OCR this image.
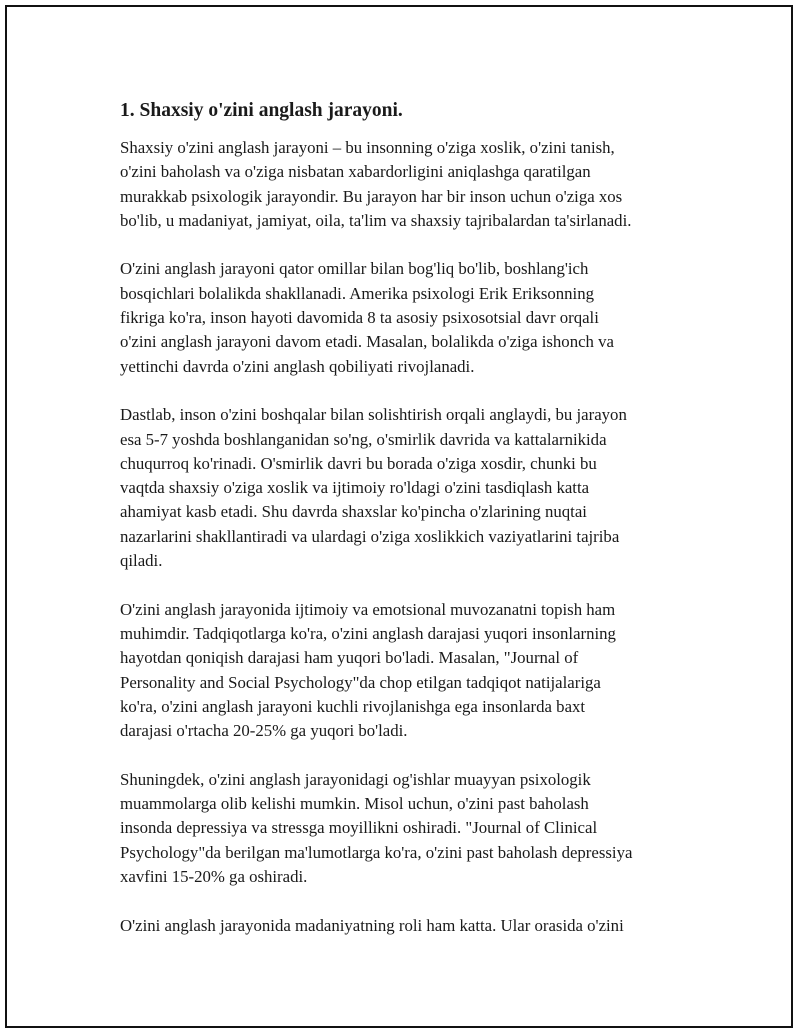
1. Shaxsiy o'zini anglash jarayoni.
Shaxsiy o'zini anglash jarayoni – bu insonning o'ziga xoslik, o'zini tanish,
o'zini baholash va o'ziga nisbatan xabardorligini aniqlashga qaratilgan
murakkab psixologik jarayondir. Bu jarayon har bir inson uchun o'ziga xos
bo'lib, u madaniyat, jamiyat, oila, ta'lim va shaxsiy tajribalardan ta'sirlanadi.
O'zini anglash jarayoni qator omillar bilan bog'liq bo'lib, boshlang'ich
bosqichlari bolalikda shakllanadi. Amerika psixologi Erik Eriksonning
fikriga ko'ra, inson hayoti davomida 8 ta asosiy psixosotsial davr orqali
o'zini anglash jarayoni davom etadi. Masalan, bolalikda o'ziga ishonch va
yettinchi davrda o'zini anglash qobiliyati rivojlanadi.
Dastlab, inson o'zini boshqalar bilan solishtirish orqali anglaydi, bu jarayon
esa 5-7 yoshda boshlanganidan so'ng, o'smirlik davrida va kattalarnikida
chuqurroq ko'rinadi. O'smirlik davri bu borada o'ziga xosdir, chunki bu
vaqtda shaxsiy o'ziga xoslik va ijtimoiy ro'ldagi o'zini tasdiqlash katta
ahamiyat kasb etadi. Shu davrda shaxslar ko'pincha o'zlarining nuqtai
nazarlarini shakllantiradi va ulardagi o'ziga xoslikkich vaziyatlarini tajriba
qiladi.
O'zini anglash jarayonida ijtimoiy va emotsional muvozanatni topish ham
muhimdir. Tadqiqotlarga ko'ra, o'zini anglash darajasi yuqori insonlarning
hayotdan qoniqish darajasi ham yuqori bo'ladi. Masalan, "Journal of
Personality and Social Psychology"da chop etilgan tadqiqot natijalariga
ko'ra, o'zini anglash jarayoni kuchli rivojlanishga ega insonlarda baxt
darajasi o'rtacha 20-25% ga yuqori bo'ladi.
Shuningdek, o'zini anglash jarayonidagi og'ishlar muayyan psixologik
muammolarga olib kelishi mumkin. Misol uchun, o'zini past baholash
insonda depressiya va stressga moyillikni oshiradi. "Journal of Clinical
Psychology"da berilgan ma'lumotlarga ko'ra, o'zini past baholash depressiya
xavfini 15-20% ga oshiradi.
O'zini anglash jarayonida madaniyatning roli ham katta. Ular orasida o'zini
